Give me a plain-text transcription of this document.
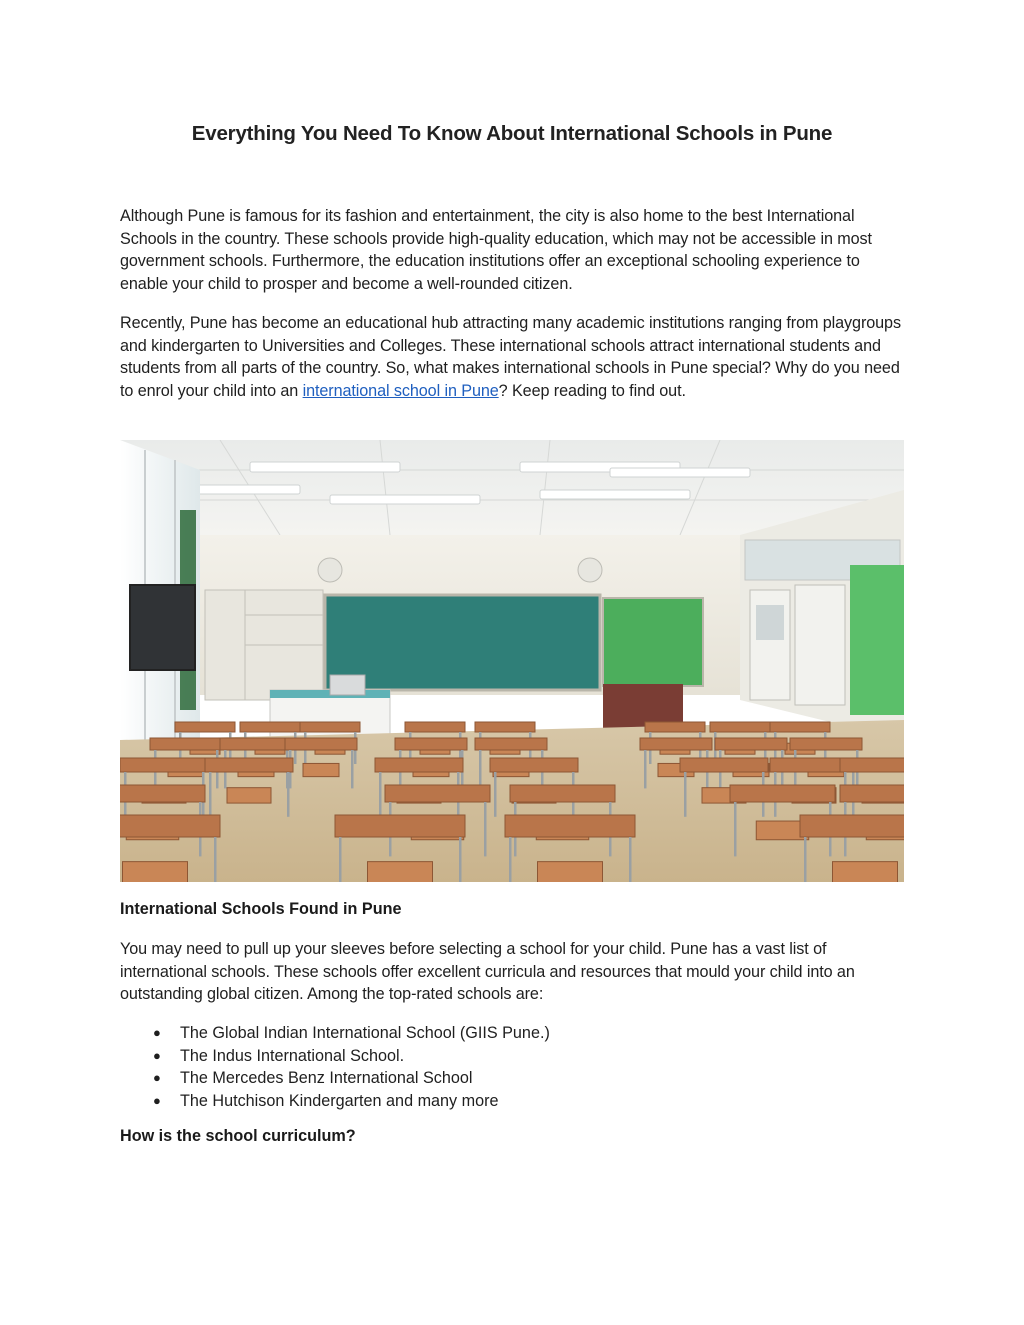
Everything You Need To Know About International Schools in Pune

Although Pune is famous for its fashion and entertainment, the city is also home to the best International Schools in the country. These schools provide high-quality education, which may not be accessible in most government schools. Furthermore, the education institutions offer an exceptional schooling experience to enable your child to prosper and become a well-rounded citizen.

Recently, Pune has become an educational hub attracting many academic institutions ranging from playgroups and kindergarten to Universities and Colleges. These international schools attract international students and students from all parts of the country. So, what makes international schools in Pune special? Why do you need to enrol your child into an international school in Pune? Keep reading to find out.

International Schools Found in Pune

You may need to pull up your sleeves before selecting a school for your child. Pune has a vast list of international schools. These schools offer excellent curricula and resources that mould your child into an outstanding global citizen. Among the top-rated schools are:

● The Global Indian International School (GIIS Pune.)
● The Indus International School.
● The Mercedes Benz International School
● The Hutchison Kindergarten and many more

How is the school curriculum?
